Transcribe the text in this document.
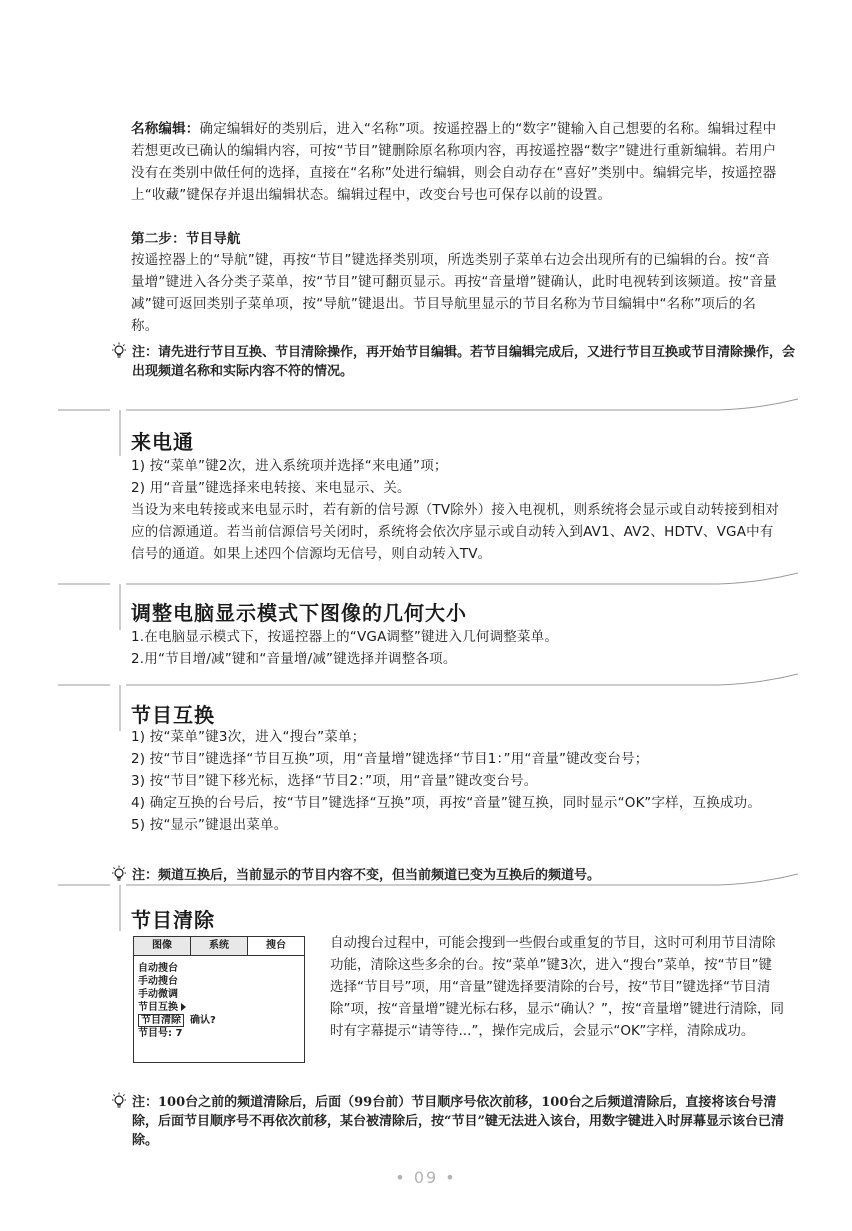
名称编辑：确定编辑好的类别后，进入“名称”项。按遥控器上的“数字”键输入自己想要的名称。编辑过程中若想更改已确认的编辑内容，可按“节目”键删除原名称项内容，再按遥控器“数字”键进行重新编辑。若用户没有在类别中做任何的选择，直接在“名称”处进行编辑，则会自动存在“喜好”类别中。编辑完毕，按遥控器上“收藏”键保存并退出编辑状态。编辑过程中，改变台号也可保存以前的设置。

第二步：节目导航

按遥控器上的“导航”键，再按“节目”键选择类别项，所选类别子菜单右边会出现所有的已编辑的台。按“音量增”键进入各分类子菜单，按“节目”键可翻页显示。再按“音量增”键确认，此时电视转到该频道。按“音量减”键可返回类别子菜单项，按“导航”键退出。节目导航里显示的节目名称为节目编辑中“名称”项后的名称。

注：请先进行节目互换、节目清除操作，再开始节目编辑。若节目编辑完成后，又进行节目互换或节目清除操作，会出现频道名称和实际内容不符的情况。
来电通

1) 按“菜单”键2次，进入系统项并选择“来电通”项；

2) 用“音量”键选择来电转接、来电显示、关。

当设为来电转接或来电显示时，若有新的信号源（TV除外）接入电视机，则系统将会显示或自动转接到相对应的信源通道。若当前信源信号关闭时，系统将会依次序显示或自动转入到AV1、AV2、HDTV、VGA中有信号的通道。如果上述四个信源均无信号，则自动转入TV。

调整电脑显示模式下图像的几何大小

1.在电脑显示模式下，按遥控器上的“VGA调整”键进入几何调整菜单。

2.用“节目增/减”键和“音量增/减”键选择并调整各项。

节目互换

1) 按“菜单”键3次，进入“搜台”菜单；

2) 按“节目”键选择“节目互换”项，用“音量增”键选择“节目1：”用“音量”键改变台号；

3) 按“节目”键下移光标，选择“节目2：”项，用“音量”键改变台号。

4) 确定互换的台号后，按“节目”键选择“互换”项，再按“音量”键互换，同时显示“OK”字样，互换成功。

5) 按“显示”键退出菜单。

注：频道互换后，当前显示的节目内容不变，但当前频道已变为互换后的频道号。
节目清除
图像	系统	搜台
自动搜台
手动搜台
手动微调
节目互换
节目清除 确认?
节目号: 7
自动搜台过程中，可能会搜到一些假台或重复的节目，这时可利用节目清除功能，清除这些多余的台。按“菜单”键3次，进入“搜台”菜单，按“节目”键选择“节目号”项，用“音量”键选择要清除的台号，按“节目”键选择“节目清除”项，按“音量增”键光标右移，显示“确认？”，按“音量增”键进行清除，同时有字幕提示“请等待...”，操作完成后，会显示“OK”字样，清除成功。
注：100台之前的频道清除后，后面（99台前）节目顺序号依次前移，100台之后频道清除后，直接将该台号清除，后面节目顺序号不再依次前移，某台被清除后，按“节目”键无法进入该台，用数字键进入时屏幕显示该台已清除。
• 09 •
